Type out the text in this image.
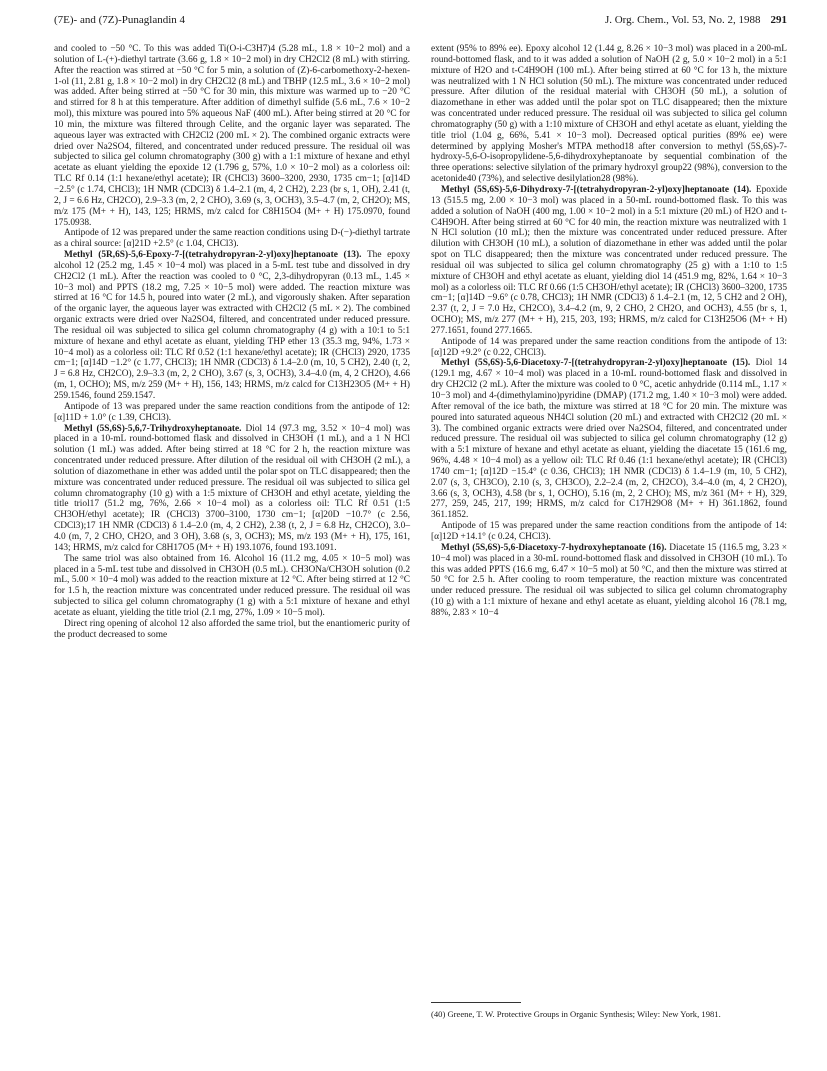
(7E)- and (7Z)-Punaglandin 4	J. Org. Chem., Vol. 53, No. 2, 1988 291

and cooled to −50 °C. To this was added Ti(O-i-C3H7)4 (5.28 mL, 1.8 × 10−2 mol) and a solution of L-(+)-diethyl tartrate (3.66 g, 1.8 × 10−2 mol) in dry CH2Cl2 (8 mL) with stirring. After the reaction was stirred at −50 °C for 5 min, a solution of (Z)-6-carbomethoxy-2-hexen-1-ol (11, 2.81 g, 1.8 × 10−2 mol) in dry CH2Cl2 (8 mL) and TBHP (12.5 mL, 3.6 × 10−2 mol) was added. After being stirred at −50 °C for 30 min, this mixture was warmed up to −20 °C and stirred for 8 h at this temperature. After addition of dimethyl sulfide (5.6 mL, 7.6 × 10−2 mol), this mixture was poured into 5% aqueous NaF (400 mL). After being stirred at 20 °C for 10 min, the mixture was filtered through Celite, and the organic layer was separated. The aqueous layer was extracted with CH2Cl2 (200 mL × 2). The combined organic extracts were dried over Na2SO4, filtered, and concentrated under reduced pressure. The residual oil was subjected to silica gel column chromatography (300 g) with a 1:1 mixture of hexane and ethyl acetate as eluant yielding the epoxide 12 (1.796 g, 57%, 1.0 × 10−2 mol) as a colorless oil: TLC Rf 0.14 (1:1 hexane/ethyl acetate); IR (CHCl3) 3600–3200, 2930, 1735 cm−1; [α]14D −2.5° (c 1.74, CHCl3); 1H NMR (CDCl3) δ 1.4–2.1 (m, 4, 2 CH2), 2.23 (br s, 1, OH), 2.41 (t, 2, J = 6.6 Hz, CH2CO), 2.9–3.3 (m, 2, 2 CHO), 3.69 (s, 3, OCH3), 3.5–4.7 (m, 2, CH2O); MS, m/z 175 (M+ + H), 143, 125; HRMS, m/z calcd for C8H15O4 (M+ + H) 175.0970, found 175.0938.

Antipode of 12 was prepared under the same reaction conditions using D-(−)-diethyl tartrate as a chiral source: [α]21D +2.5° (c 1.04, CHCl3).

Methyl (5R,6S)-5,6-Epoxy-7-[(tetrahydropyran-2-yl)oxy]heptanoate (13). The epoxy alcohol 12 (25.2 mg, 1.45 × 10−4 mol) was placed in a 5-mL test tube and dissolved in dry CH2Cl2 (1 mL). After the reaction was cooled to 0 °C, 2,3-dihydropyran (0.13 mL, 1.45 × 10−3 mol) and PPTS (18.2 mg, 7.25 × 10−5 mol) were added. The reaction mixture was stirred at 16 °C for 14.5 h, poured into water (2 mL), and vigorously shaken. After separation of the organic layer, the aqueous layer was extracted with CH2Cl2 (5 mL × 2). The combined organic extracts were dried over Na2SO4, filtered, and concentrated under reduced pressure. The residual oil was subjected to silica gel column chromatography (4 g) with a 10:1 to 5:1 mixture of hexane and ethyl acetate as eluant, yielding THP ether 13 (35.3 mg, 94%, 1.73 × 10−4 mol) as a colorless oil: TLC Rf 0.52 (1:1 hexane/ethyl acetate); IR (CHCl3) 2920, 1735 cm−1; [α]14D −1.2° (c 1.77, CHCl3); 1H NMR (CDCl3) δ 1.4–2.0 (m, 10, 5 CH2), 2.40 (t, 2, J = 6.8 Hz, CH2CO), 2.9–3.3 (m, 2, 2 CHO), 3.67 (s, 3, OCH3), 3.4–4.0 (m, 4, 2 CH2O), 4.66 (m, 1, OCHO); MS, m/z 259 (M+ + H), 156, 143; HRMS, m/z calcd for C13H23O5 (M+ + H) 259.1546, found 259.1547.

Antipode of 13 was prepared under the same reaction conditions from the antipode of 12: [α]11D + 1.0° (c 1.39, CHCl3).

Methyl (5S,6S)-5,6,7-Trihydroxyheptanoate. Diol 14 (97.3 mg, 3.52 × 10−4 mol) was placed in a 10-mL round-bottomed flask and dissolved in CH3OH (1 mL), and a 1 N HCl solution (1 mL) was added. After being stirred at 18 °C for 2 h, the reaction mixture was concentrated under reduced pressure. After dilution of the residual oil with CH3OH (2 mL), a solution of diazomethane in ether was added until the polar spot on TLC disappeared; then the mixture was concentrated under reduced pressure. The residual oil was subjected to silica gel column chromatography (10 g) with a 1:5 mixture of CH3OH and ethyl acetate, yielding the title triol17 (51.2 mg, 76%, 2.66 × 10−4 mol) as a colorless oil: TLC Rf 0.51 (1:5 CH3OH/ethyl acetate); IR (CHCl3) 3700–3100, 1730 cm−1; [α]20D −10.7° (c 2.56, CDCl3);17 1H NMR (CDCl3) δ 1.4–2.0 (m, 4, 2 CH2), 2.38 (t, 2, J = 6.8 Hz, CH2CO), 3.0–4.0 (m, 7, 2 CHO, CH2O, and 3 OH), 3.68 (s, 3, OCH3); MS, m/z 193 (M+ + H), 175, 161, 143; HRMS, m/z calcd for C8H17O5 (M+ + H) 193.1076, found 193.1091.

The same triol was also obtained from 16. Alcohol 16 (11.2 mg, 4.05 × 10−5 mol) was placed in a 5-mL test tube and dissolved in CH3OH (0.5 mL). CH3ONa/CH3OH solution (0.2 mL, 5.00 × 10−4 mol) was added to the reaction mixture at 12 °C. After being stirred at 12 °C for 1.5 h, the reaction mixture was concentrated under reduced pressure. The residual oil was subjected to silica gel column chromatography (1 g) with a 5:1 mixture of hexane and ethyl acetate as eluant, yielding the title triol (2.1 mg, 27%, 1.09 × 10−5 mol).

Direct ring opening of alcohol 12 also afforded the same triol, but the enantiomeric purity of the product decreased to some

extent (95% to 89% ee). Epoxy alcohol 12 (1.44 g, 8.26 × 10−3 mol) was placed in a 200-mL round-bottomed flask, and to it was added a solution of NaOH (2 g, 5.0 × 10−2 mol) in a 5:1 mixture of H2O and t-C4H9OH (100 mL). After being stirred at 60 °C for 13 h, the mixture was neutralized with 1 N HCl solution (50 mL). The mixture was concentrated under reduced pressure. After dilution of the residual material with CH3OH (50 mL), a solution of diazomethane in ether was added until the polar spot on TLC disappeared; then the mixture was concentrated under reduced pressure. The residual oil was subjected to silica gel column chromatography (50 g) with a 1:10 mixture of CH3OH and ethyl acetate as eluant, yielding the title triol (1.04 g, 66%, 5.41 × 10−3 mol). Decreased optical purities (89% ee) were determined by applying Mosher's MTPA method18 after conversion to methyl (5S,6S)-7-hydroxy-5,6-O-isopropylidene-5,6-dihydroxyheptanoate by sequential combination of the three operations: selective silylation of the primary hydroxyl group22 (98%), conversion to the acetonide40 (73%), and selective desilylation28 (98%).

Methyl (5S,6S)-5,6-Dihydroxy-7-[(tetrahydropyran-2-yl)oxy]heptanoate (14). Epoxide 13 (515.5 mg, 2.00 × 10−3 mol) was placed in a 50-mL round-bottomed flask. To this was added a solution of NaOH (400 mg, 1.00 × 10−2 mol) in a 5:1 mixture (20 mL) of H2O and t-C4H9OH. After being stirred at 60 °C for 40 min, the reaction mixture was neutralized with 1 N HCl solution (10 mL); then the mixture was concentrated under reduced pressure. After dilution with CH3OH (10 mL), a solution of diazomethane in ether was added until the polar spot on TLC disappeared; then the mixture was concentrated under reduced pressure. The residual oil was subjected to silica gel column chromatography (25 g) with a 1:10 to 1:5 mixture of CH3OH and ethyl acetate as eluant, yielding diol 14 (451.9 mg, 82%, 1.64 × 10−3 mol) as a colorless oil: TLC Rf 0.66 (1:5 CH3OH/ethyl acetate); IR (CHCl3) 3600–3200, 1735 cm−1; [α]14D −9.6° (c 0.78, CHCl3); 1H NMR (CDCl3) δ 1.4–2.1 (m, 12, 5 CH2 and 2 OH), 2.37 (t, 2, J = 7.0 Hz, CH2CO), 3.4–4.2 (m, 9, 2 CHO, 2 CH2O, and OCH3), 4.55 (br s, 1, OCHO); MS, m/z 277 (M+ + H), 215, 203, 193; HRMS, m/z calcd for C13H25O6 (M+ + H) 277.1651, found 277.1665.

Antipode of 14 was prepared under the same reaction conditions from the antipode of 13: [α]12D +9.2° (c 0.22, CHCl3).

Methyl (5S,6S)-5,6-Diacetoxy-7-[(tetrahydropyran-2-yl)oxy]heptanoate (15). Diol 14 (129.1 mg, 4.67 × 10−4 mol) was placed in a 10-mL round-bottomed flask and dissolved in dry CH2Cl2 (2 mL). After the mixture was cooled to 0 °C, acetic anhydride (0.114 mL, 1.17 × 10−3 mol) and 4-(dimethylamino)pyridine (DMAP) (171.2 mg, 1.40 × 10−3 mol) were added. After removal of the ice bath, the mixture was stirred at 18 °C for 20 min. The mixture was poured into saturated aqueous NH4Cl solution (20 mL) and extracted with CH2Cl2 (20 mL × 3). The combined organic extracts were dried over Na2SO4, filtered, and concentrated under reduced pressure. The residual oil was subjected to silica gel column chromatography (12 g) with a 5:1 mixture of hexane and ethyl acetate as eluant, yielding the diacetate 15 (161.6 mg, 96%, 4.48 × 10−4 mol) as a yellow oil: TLC Rf 0.46 (1:1 hexane/ethyl acetate); IR (CHCl3) 1740 cm−1; [α]12D −15.4° (c 0.36, CHCl3); 1H NMR (CDCl3) δ 1.4–1.9 (m, 10, 5 CH2), 2.07 (s, 3, CH3CO), 2.10 (s, 3, CH3CO), 2.2–2.4 (m, 2, CH2CO), 3.4–4.0 (m, 4, 2 CH2O), 3.66 (s, 3, OCH3), 4.58 (br s, 1, OCHO), 5.16 (m, 2, 2 CHO); MS, m/z 361 (M+ + H), 329, 277, 259, 245, 217, 199; HRMS, m/z calcd for C17H29O8 (M+ + H) 361.1862, found 361.1852.

Antipode of 15 was prepared under the same reaction conditions from the antipode of 14: [α]12D +14.1° (c 0.24, CHCl3).

Methyl (5S,6S)-5,6-Diacetoxy-7-hydroxyheptanoate (16). Diacetate 15 (116.5 mg, 3.23 × 10−4 mol) was placed in a 30-mL round-bottomed flask and dissolved in CH3OH (10 mL). To this was added PPTS (16.6 mg, 6.47 × 10−5 mol) at 50 °C, and then the mixture was stirred at 50 °C for 2.5 h. After cooling to room temperature, the reaction mixture was concentrated under reduced pressure. The residual oil was subjected to silica gel column chromatography (10 g) with a 1:1 mixture of hexane and ethyl acetate as eluant, yielding alcohol 16 (78.1 mg, 88%, 2.83 × 10−4

(40) Greene, T. W. Protective Groups in Organic Synthesis; Wiley: New York, 1981.
